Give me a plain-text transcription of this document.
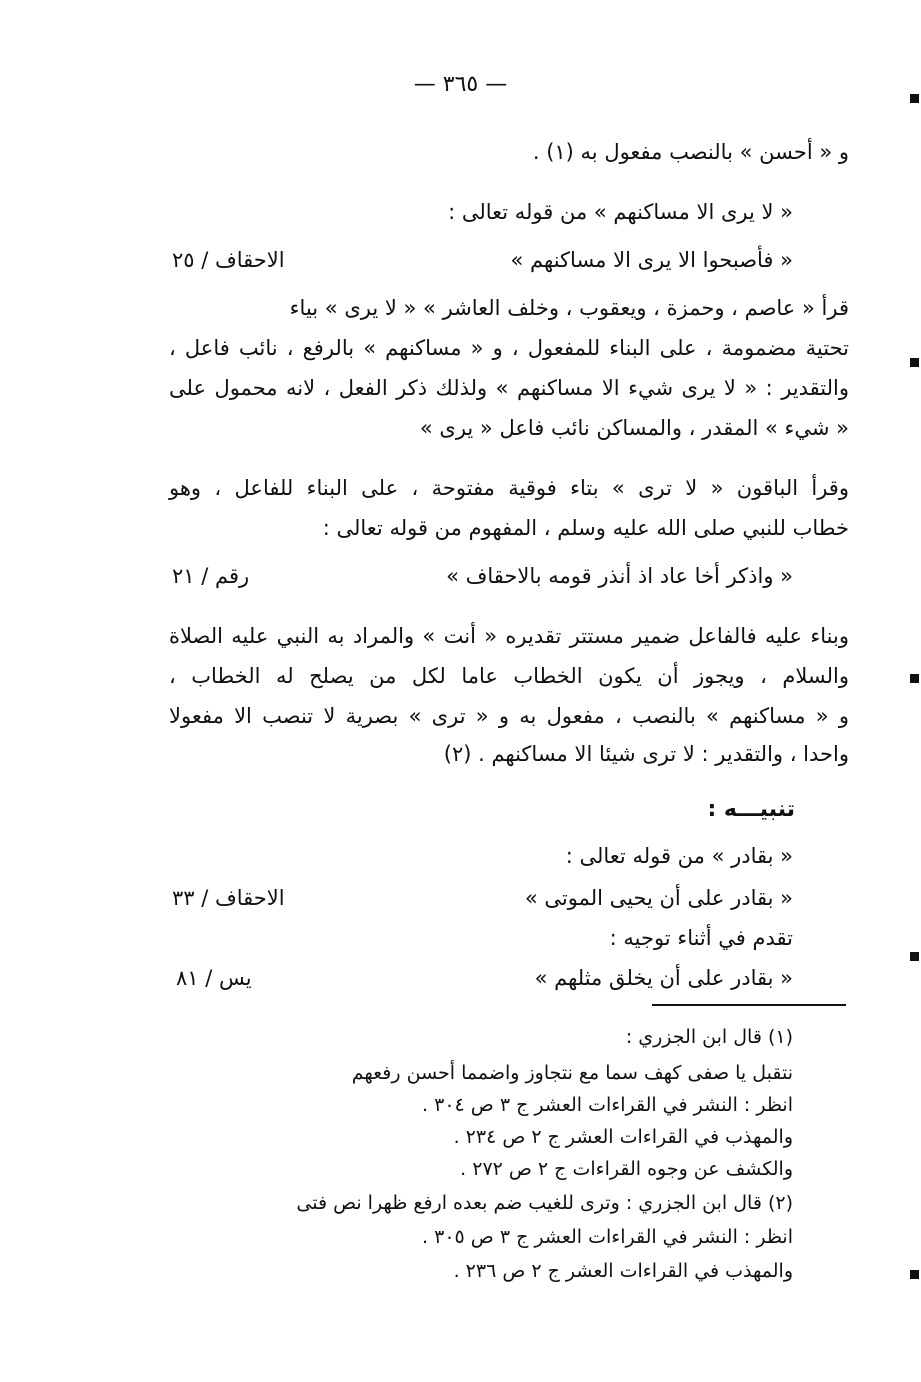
— ٣٦٥ —
و « أحسن » بالنصب مفعول به (١) .
« لا يرى الا مساكنهم » من قوله تعالى :
« فأصبحوا الا يرى الا مساكنهم »
الاحقاف / ٢٥
قرأ « عاصم ، وحمزة ، ويعقوب ، وخلف العاشر » « لا يرى » بياء
تحتية مضمومة ، على البناء للمفعول ، و « مساكنهم » بالرفع ، نائب فاعل ،
والتقدير : « لا يرى شيء الا مساكنهم » ولذلك ذكر الفعل ، لانه محمول على
« شيء » المقدر ، والمساكن نائب فاعل « يرى »
وقرأ الباقون « لا ترى » بتاء فوقية مفتوحة ، على البناء للفاعل ، وهو
خطاب للنبي صلى الله عليه وسلم ، المفهوم من قوله تعالى :
« واذكر أخا عاد اذ أنذر قومه بالاحقاف »
رقم / ٢١
وبناء عليه فالفاعل ضمير مستتر تقديره « أنت » والمراد به النبي عليه الصلاة
والسلام ، ويجوز أن يكون الخطاب عاما لكل من يصلح له الخطاب ،
و « مساكنهم » بالنصب ، مفعول به و « ترى » بصرية لا تنصب الا مفعولا
واحدا ، والتقدير : لا ترى شيئا الا مساكنهم . (٢)
تنبيـــه :
« بقادر » من قوله تعالى :
« بقادر على أن يحيى الموتى »
الاحقاف / ٣٣
تقدم في أثناء توجيه :
« بقادر على أن يخلق مثلهم »
يس / ٨١
(١) قال ابن الجزري :
نتقبل يا صفى كهف سما مع نتجاوز واضمما أحسن رفعهم
انظر : النشر في القراءات العشر ج ٣ ص ٣٠٤ .
والمهذب في القراءات العشر ج ٢ ص ٢٣٤ .
والكشف عن وجوه القراءات ج ٢ ص ٢٧٢ .
(٢) قال ابن الجزري : وترى للغيب ضم بعده ارفع ظهرا نص فتى
انظر : النشر في القراءات العشر ج ٣ ص ٣٠٥ .
والمهذب في القراءات العشر ج ٢ ص ٢٣٦ .
